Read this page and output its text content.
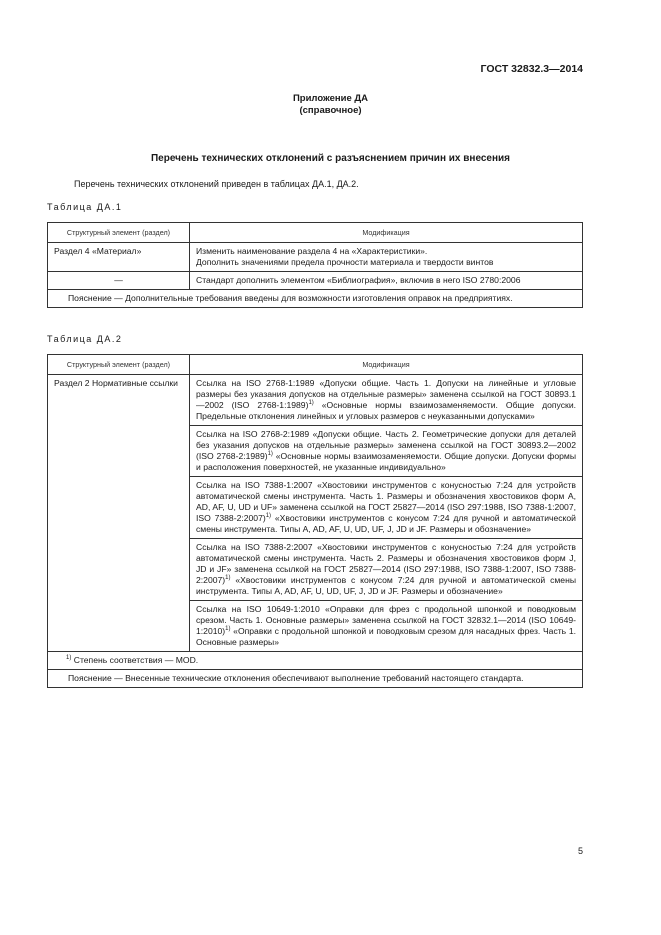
ГОСТ 32832.3—2014
Приложение ДА
(справочное)
Перечень технических отклонений с разъяснением причин их внесения
Перечень технических отклонений приведен в таблицах ДА.1, ДА.2.
Таблица ДА.1
Структурный элемент (раздел)	Модификация
Раздел 4 «Материал»	Изменить наименование раздела 4 на «Характеристики».
Дополнить значениями предела прочности материала и твердости винтов

—	Стандарт дополнить элементом «Библиография», включив в него ISO 2780:2006
Пояснение — Дополнительные требования введены для возможности изготовления оправок на предприятиях.	
Таблица ДА.2
Структурный элемент (раздел)	Модификация
Раздел 2 Нормативные ссылки	Ссылка на ISO 2768-1:1989 «Допуски общие. Часть 1. Допуски на линейные и угловые размеры без указания допусков на отдельные размеры» заменена ссылкой на ГОСТ 30893.1—2002 (ISO 2768-1:1989)$^{1)}$ «Основные нормы взаимозаменяемости. Общие допуски. Предельные отклонения линейных и угловых размеров с неуказанными допусками»
	Ссылка на ISO 2768-2:1989 «Допуски общие. Часть 2. Геометрические допуски для деталей без указания допусков на отдельные размеры» заменена ссылкой на ГОСТ 30893.2—2002 (ISO 2768-2:1989)$^{1)}$ «Основные нормы взаимозаменяемости. Общие допуски. Допуски формы и расположения поверхностей, не указанные индивидуально»
	Ссылка на ISO 7388-1:2007 «Хвостовики инструментов с конусностью 7:24 для устройств автоматической смены инструмента. Часть 1. Размеры и обозначения хвостовиков форм A, AD, AF, U, UD и UF» заменена ссылкой на ГОСТ 25827—2014 (ISO 297:1988, ISO 7388-1:2007, ISO 7388-2:2007)$^{1)}$ «Хвостовики инструментов с конусом 7:24 для ручной и автоматической смены инструмента. Типы A, AD, AF, U, UD, UF, J, JD и JF. Размеры и обозначение»
	Ссылка на ISO 7388-2:2007 «Хвостовики инструментов с конусностью 7:24 для устройств автоматической смены инструмента. Часть 2. Размеры и обозначения хвостовиков форм J, JD и JF» заменена ссылкой на ГОСТ 25827—2014 (ISO 297:1988, ISO 7388-1:2007, ISO 7388-2:2007)$^{1)}$ «Хвостовики инструментов с конусом 7:24 для ручной и автоматической смены инструмента. Типы A, AD, AF, U, UD, UF, J, JD и JF. Размеры и обозначение»
	Ссылка на ISO 10649-1:2010 «Оправки для фрез с продольной шпонкой и поводковым срезом. Часть 1. Основные размеры» заменена ссылкой на ГОСТ 32832.1—2014 (ISO 10649-1:2010)$^{1)}$ «Оправки с продольной шпонкой и поводковым срезом для насадных фрез. Часть 1. Основные размеры»
$^{1)}$ Степень соответствия — MOD.	
Пояснение — Внесенные технические отклонения обеспечивают выполнение требований настоящего стандарта.	
5
